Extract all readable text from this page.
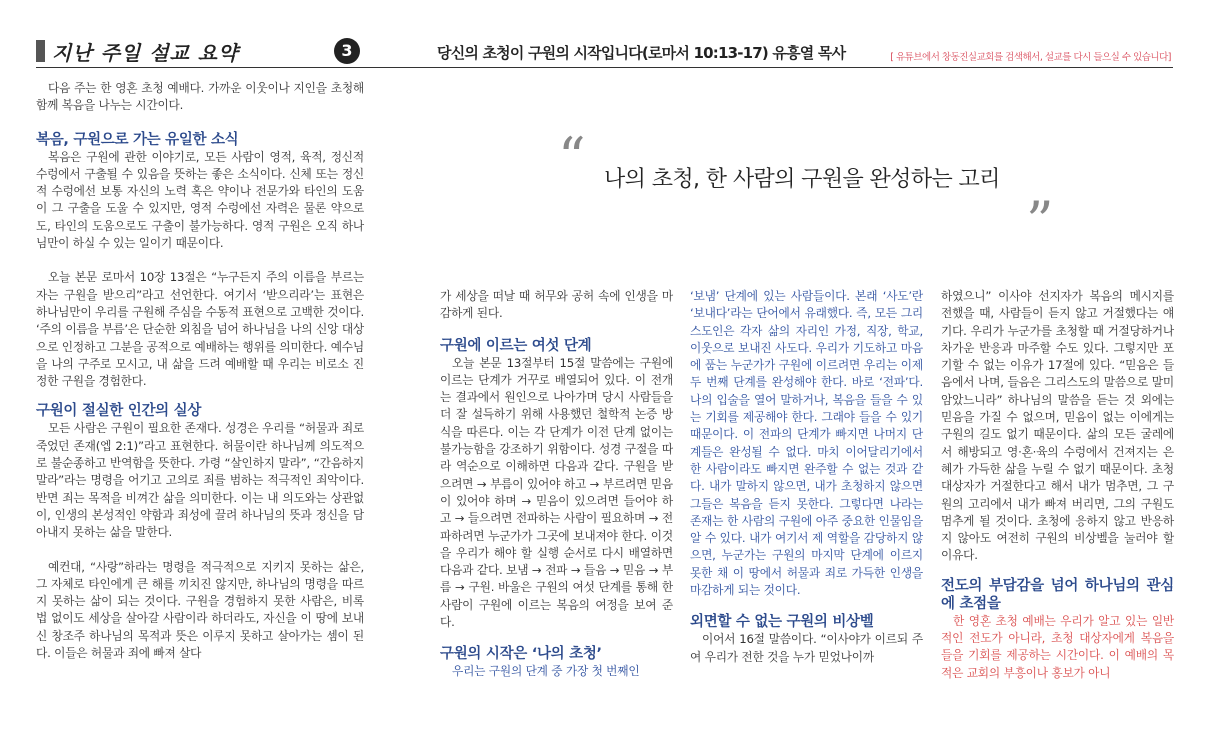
지난 주일 설교 요약	3	당신의 초청이 구원의 시작입니다(로마서 10:13-17) 유흥열 목사	[ 유튜브에서 창동진실교회를 검색해서, 설교를 다시 들으실 수 있습니다]

다음 주는 한 영혼 초청 예배다. 가까운 이웃이나 지인을 초청해 함께 복음을 나누는 시간이다.

복음, 구원으로 가는 유일한 소식

복음은 구원에 관한 이야기로, 모든 사람이 영적, 육적, 정신적 수렁에서 구출될 수 있음을 뜻하는 좋은 소식이다. 신체 또는 정신적 수렁에선 보통 자신의 노력 혹은 약이나 전문가와 타인의 도움이 그 구출을 도울 수 있지만, 영적 수렁에선 자력은 물론 약으로도, 타인의 도움으로도 구출이 불가능하다. 영적 구원은 오직 하나님만이 하실 수 있는 일이기 때문이다.

오늘 본문 로마서 10장 13절은 “누구든지 주의 이름을 부르는 자는 구원을 받으리”라고 선언한다. 여기서 ‘받으리라’는 표현은 하나님만이 우리를 구원해 주심을 수동적 표현으로 고백한 것이다. ‘주의 이름을 부름’은 단순한 외침을 넘어 하나님을 나의 신앙 대상으로 인정하고 그분을 공적으로 예배하는 행위를 의미한다. 예수님을 나의 구주로 모시고, 내 삶을 드려 예배할 때 우리는 비로소 진정한 구원을 경험한다.

구원이 절실한 인간의 실상

모든 사람은 구원이 필요한 존재다. 성경은 우리를 “허물과 죄로 죽었던 존재(엡 2:1)”라고 표현한다. 허물이란 하나님께 의도적으로 불순종하고 반역함을 뜻한다. 가령 “살인하지 말라”, “간음하지 말라”라는 명령을 어기고 고의로 죄를 범하는 적극적인 죄악이다. 반면 죄는 목적을 비껴간 삶을 의미한다. 이는 내 의도와는 상관없이, 인생의 본성적인 약함과 죄성에 끌려 하나님의 뜻과 정신을 담아내지 못하는 삶을 말한다.

예컨대, “사랑”하라는 명령을 적극적으로 지키지 못하는 삶은, 그 자체로 타인에게 큰 해를 끼치진 않지만, 하나님의 명령을 따르지 못하는 삶이 되는 것이다. 구원을 경험하지 못한 사람은, 비록 법 없이도 세상을 살아갈 사람이라 하더라도, 자신을 이 땅에 보내신 창조주 하나님의 목적과 뜻은 이루지 못하고 살아가는 셈이 된다. 이들은 허물과 죄에 빠져 살다

“ 나의 초청, 한 사람의 구원을 완성하는 고리
”

가 세상을 떠날 때 허무와 공허 속에 인생을 마감하게 된다.

구원에 이르는 여섯 단계

오늘 본문 13절부터 15절 말씀에는 구원에 이르는 단계가 거꾸로 배열되어 있다. 이 전개는 결과에서 원인으로 나아가며 당시 사람들을 더 잘 설득하기 위해 사용했던 철학적 논증 방식을 따른다. 이는 각 단계가 이전 단계 없이는 불가능함을 강조하기 위함이다. 성경 구절을 따라 역순으로 이해하면 다음과 같다. 구원을 받으려면 → 부름이 있어야 하고 → 부르려면 믿음이 있어야 하며 → 믿음이 있으려면 들어야 하고 → 들으려면 전파하는 사람이 필요하며 → 전파하려면 누군가가 그곳에 보내져야 한다. 이것을 우리가 해야 할 실행 순서로 다시 배열하면 다음과 같다. 보냄 → 전파 → 들음 → 믿음 → 부름 → 구원. 바울은 구원의 여섯 단계를 통해 한 사람이 구원에 이르는 복음의 여정을 보여 준다.

구원의 시작은 ‘나의 초청’

우리는 구원의 단계 중 가장 첫 번째인

‘보냄’ 단계에 있는 사람들이다. 본래 ‘사도’란 ‘보내다’라는 단어에서 유래했다. 즉, 모든 그리스도인은 각자 삶의 자리인 가정, 직장, 학교, 이웃으로 보내진 사도다. 우리가 기도하고 마음에 품는 누군가가 구원에 이르려면 우리는 이제 두 번째 단계를 완성해야 한다. 바로 ‘전파’다. 나의 입술을 열어 말하거나, 복음을 들을 수 있는 기회를 제공해야 한다. 그래야 들을 수 있기 때문이다. 이 전파의 단계가 빠지면 나머지 단계들은 완성될 수 없다. 마치 이어달리기에서 한 사람이라도 빠지면 완주할 수 없는 것과 같다. 내가 말하지 않으면, 내가 초청하지 않으면 그들은 복음을 듣지 못한다. 그렇다면 나라는 존재는 한 사람의 구원에 아주 중요한 인물임을 알 수 있다. 내가 여기서 제 역할을 감당하지 않으면, 누군가는 구원의 마지막 단계에 이르지 못한 채 이 땅에서 허물과 죄로 가득한 인생을 마감하게 되는 것이다.

외면할 수 없는 구원의 비상벨

이어서 16절 말씀이다. “이사야가 이르되 주여 우리가 전한 것을 누가 믿었나이까

하였으니” 이사야 선지자가 복음의 메시지를 전했을 때, 사람들이 듣지 않고 거절했다는 얘기다. 우리가 누군가를 초청할 때 거절당하거나 차가운 반응과 마주할 수도 있다. 그렇지만 포기할 수 없는 이유가 17절에 있다. “믿음은 들음에서 나며, 들음은 그리스도의 말씀으로 말미암았느니라” 하나님의 말씀을 듣는 것 외에는 믿음을 가질 수 없으며, 믿음이 없는 이에게는 구원의 길도 없기 때문이다. 삶의 모든 굴레에서 해방되고 영·혼·육의 수렁에서 건져지는 은혜가 가득한 삶을 누릴 수 없기 때문이다. 초청 대상자가 거절한다고 해서 내가 멈추면, 그 구원의 고리에서 내가 빠져 버리면, 그의 구원도 멈추게 될 것이다. 초청에 응하지 않고 반응하지 않아도 여전히 구원의 비상벨을 눌러야 할 이유다.

전도의 부담감을 넘어 하나님의 관심에 초점을

한 영혼 초청 예배는 우리가 알고 있는 일반적인 전도가 아니라, 초청 대상자에게 복음을 들을 기회를 제공하는 시간이다. 이 예배의 목적은 교회의 부흥이나 홍보가 아니
